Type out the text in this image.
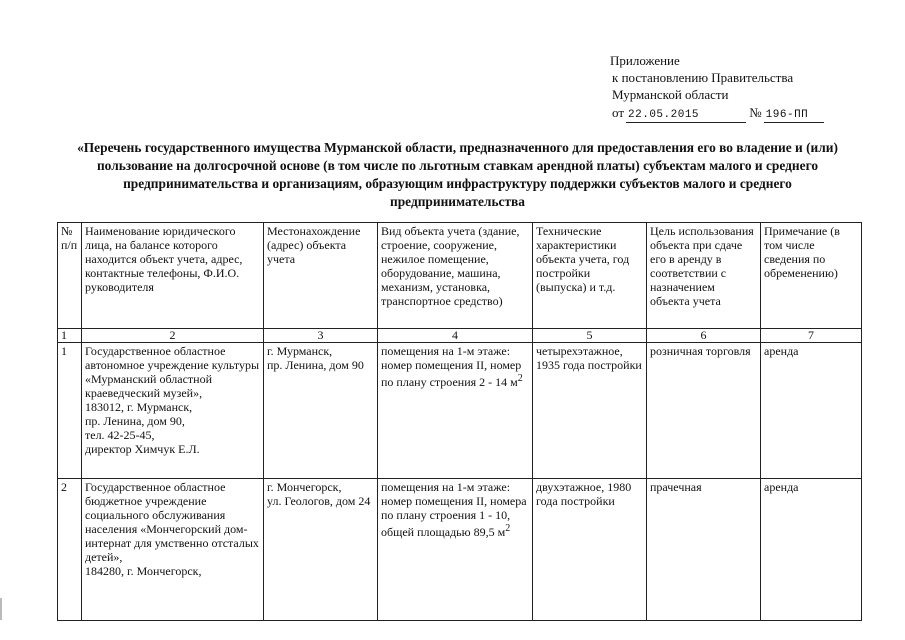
Приложение
к постановлению Правительства
Мурманской области
от 22.05.2015	№ 196-ПП
«Перечень государственного имущества Мурманской области, предназначенного для предоставления его во владение и (или) пользование на долгосрочной основе (в том числе по льготным ставкам арендной платы) субъектам малого и среднего предпринимательства и организациям, образующим инфраструктуру поддержки субъектов малого и среднего предпринимательства
№ п/п	Наименование юридического лица, на балансе которого находится объект учета, адрес, контактные телефоны, Ф.И.О. руководителя	Местонахождение (адрес) объекта учета	Вид объекта учета (здание, строение, сооружение, нежилое помещение, оборудование, машина, механизм, установка, транспортное средство)	Технические характеристики объекта учета, год постройки (выпуска) и т.д.	Цель использования объекта при сдаче его в аренду в соответствии с назначением объекта учета	Примечание (в том числе сведения по обременению)
1	2	3	4	5	6	7
1	Государственное областное автономное учреждение культуры «Мурманский областной краеведческий музей»,
183012, г. Мурманск,
пр. Ленина, дом 90,
тел. 42-25-45,
директор Химчук Е.Л.	г. Мурманск,
пр. Ленина, дом 90	помещения на 1-м этаже: номер помещения II, номер по плану строения 2 - 14 $м^2$	четырехэтажное, 1935 года постройки	розничная торговля	аренда
2	Государственное областное бюджетное учреждение социального обслуживания населения «Мончегорский дом-интернат для умственно отсталых детей»,
184280, г. Мончегорск,	г. Мончегорск,
ул. Геологов, дом 24	помещения на 1-м этаже: номер помещения II, номера по плану строения 1 - 10, общей площадью 89,5 $м^2$	двухэтажное, 1980 года постройки	прачечная	аренда
